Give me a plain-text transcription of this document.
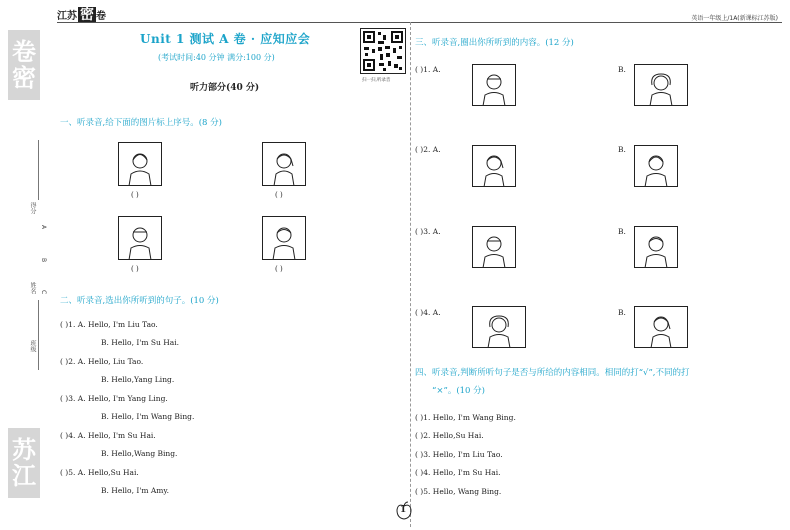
卷
密
得分
A
B
C
姓名
班级
苏
江
江苏 密 卷	英语一年级上/1A(新课标江苏版)
Unit 1 测试 A 卷 · 应知应会
(考试时间:40 分钟 满分:100 分)
听力部分(40 分)
扫一扫,听录音
一、听录音,给下面的图片标上序号。(8 分)
( )	( )
( )	( )
二、听录音,选出你所听到的句子。(10 分)
( )1. A. Hello, I'm Liu Tao.
B. Hello, I'm Su Hai.
( )2. A. Hello, Liu Tao.
B. Hello,Yang Ling.
( )3. A. Hello, I'm Yang Ling.
B. Hello, I'm Wang Bing.
( )4. A. Hello, I'm Su Hai.
B. Hello,Wang Bing.
( )5. A. Hello,Su Hai.
B. Hello, I'm Amy.
三、听录音,圈出你所听到的内容。(12 分)
( )1. A.	B.
( )2. A.	B.
( )3. A.	B.
( )4. A.	B.
四、听录音,判断所听句子是否与所给的内容相同。相同的打“√”,不同的打
“×”。(10 分)
( )1. Hello, I'm Wang Bing.
( )2. Hello,Su Hai.
( )3. Hello, I'm Liu Tao.
( )4. Hello, I'm Su Hai.
( )5. Hello, Wang Bing.
1
